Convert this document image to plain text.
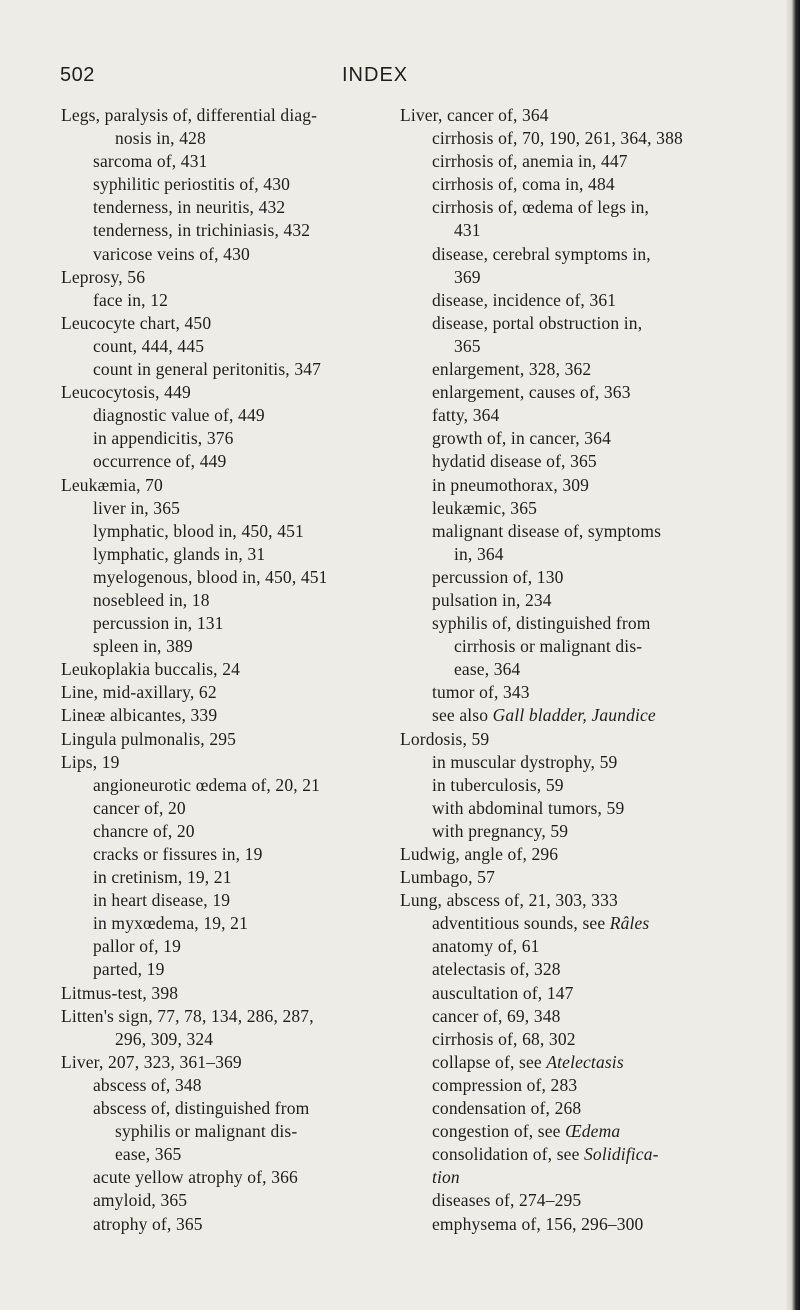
502	INDEX
Legs, paralysis of, differential diag-
nosis in, 428
sarcoma of, 431
syphilitic periostitis of, 430
tenderness, in neuritis, 432
tenderness, in trichiniasis, 432
varicose veins of, 430
Leprosy, 56
face in, 12
Leucocyte chart, 450
count, 444, 445
count in general peritonitis, 347
Leucocytosis, 449
diagnostic value of, 449
in appendicitis, 376
occurrence of, 449
Leukæmia, 70
liver in, 365
lymphatic, blood in, 450, 451
lymphatic, glands in, 31
myelogenous, blood in, 450, 451
nosebleed in, 18
percussion in, 131
spleen in, 389
Leukoplakia buccalis, 24
Line, mid-axillary, 62
Lineæ albicantes, 339
Lingula pulmonalis, 295
Lips, 19
angioneurotic œdema of, 20, 21
cancer of, 20
chancre of, 20
cracks or fissures in, 19
in cretinism, 19, 21
in heart disease, 19
in myxœdema, 19, 21
pallor of, 19
parted, 19
Litmus-test, 398
Litten's sign, 77, 78, 134, 286, 287,
296, 309, 324
Liver, 207, 323, 361–369
abscess of, 348
abscess of, distinguished from
syphilis or malignant dis-
ease, 365
acute yellow atrophy of, 366
amyloid, 365
atrophy of, 365
Liver, cancer of, 364
cirrhosis of, 70, 190, 261, 364, 388
cirrhosis of, anemia in, 447
cirrhosis of, coma in, 484
cirrhosis of, œdema of legs in,
431
disease, cerebral symptoms in,
369
disease, incidence of, 361
disease, portal obstruction in,
365
enlargement, 328, 362
enlargement, causes of, 363
fatty, 364
growth of, in cancer, 364
hydatid disease of, 365
in pneumothorax, 309
leukæmic, 365
malignant disease of, symptoms
in, 364
percussion of, 130
pulsation in, 234
syphilis of, distinguished from
cirrhosis or malignant dis-
ease, 364
tumor of, 343
see also Gall bladder, Jaundice
Lordosis, 59
in muscular dystrophy, 59
in tuberculosis, 59
with abdominal tumors, 59
with pregnancy, 59
Ludwig, angle of, 296
Lumbago, 57
Lung, abscess of, 21, 303, 333
adventitious sounds, see Râles
anatomy of, 61
atelectasis of, 328
auscultation of, 147
cancer of, 69, 348
cirrhosis of, 68, 302
collapse of, see Atelectasis
compression of, 283
condensation of, 268
congestion of, see Œdema
consolidation of, see Solidifica-
tion
diseases of, 274–295
emphysema of, 156, 296–300
